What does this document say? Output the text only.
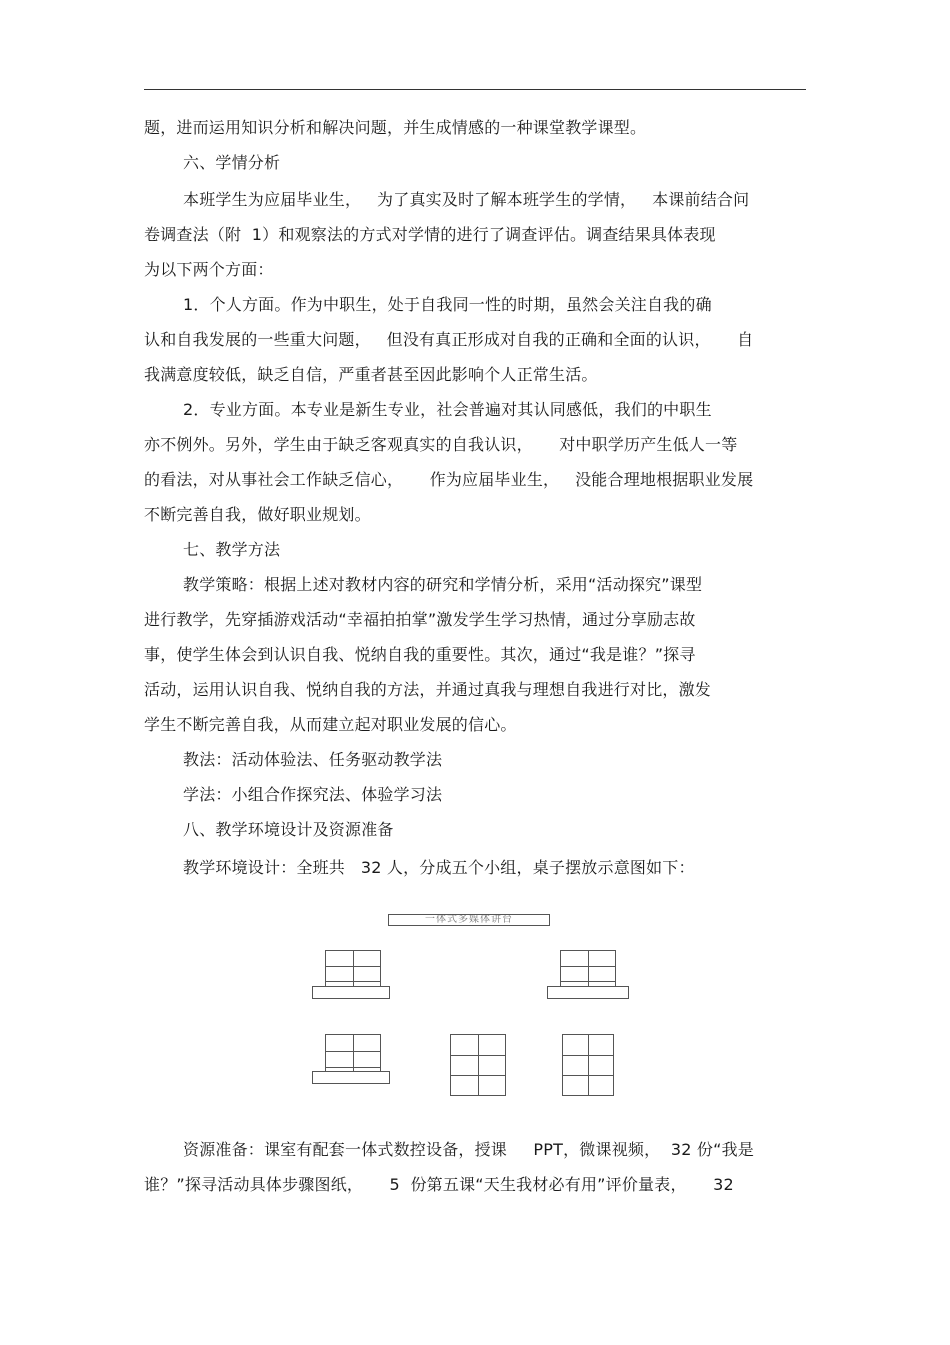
题，进而运用知识分析和解决问题，并生成情感的一种课堂教学课型。
六、学情分析
本班学生为应届毕业生，   为了真实及时了解本班学生的学情，   本课前结合问
卷调查法（附  1）和观察法的方式对学情的进行了调查评估。调查结果具体表现
为以下两个方面：
1．个人方面。作为中职生，处于自我同一性的时期，虽然会关注自我的确
认和自我发展的一些重大问题，   但没有真正形成对自我的正确和全面的认识，     自
我满意度较低，缺乏自信，严重者甚至因此影响个人正常生活。
2．专业方面。本专业是新生专业，社会普遍对其认同感低，我们的中职生
亦不例外。另外，学生由于缺乏客观真实的自我认识，     对中职学历产生低人一等
的看法，对从事社会工作缺乏信心，     作为应届毕业生，   没能合理地根据职业发展
不断完善自我，做好职业规划。
七、教学方法
教学策略：根据上述对教材内容的研究和学情分析，采用“活动探究”课型
进行教学，先穿插游戏活动“幸福拍拍掌”激发学生学习热情，通过分享励志故
事，使学生体会到认识自我、悦纳自我的重要性。其次，通过“我是谁？”探寻
活动，运用认识自我、悦纳自我的方法，并通过真我与理想自我进行对比，激发
学生不断完善自我，从而建立起对职业发展的信心。
教法：活动体验法、任务驱动教学法
学法：小组合作探究法、体验学习法
八、教学环境设计及资源准备
教学环境设计：全班共   32 人，分成五个小组，桌子摆放示意图如下：
资源准备：课室有配套一体式数控设备，授课     PPT，微课视频，  32 份“我是
谁？”探寻活动具体步骤图纸，     5  份第五课“天生我材必有用”评价量表，     32
一体式多媒体讲台
